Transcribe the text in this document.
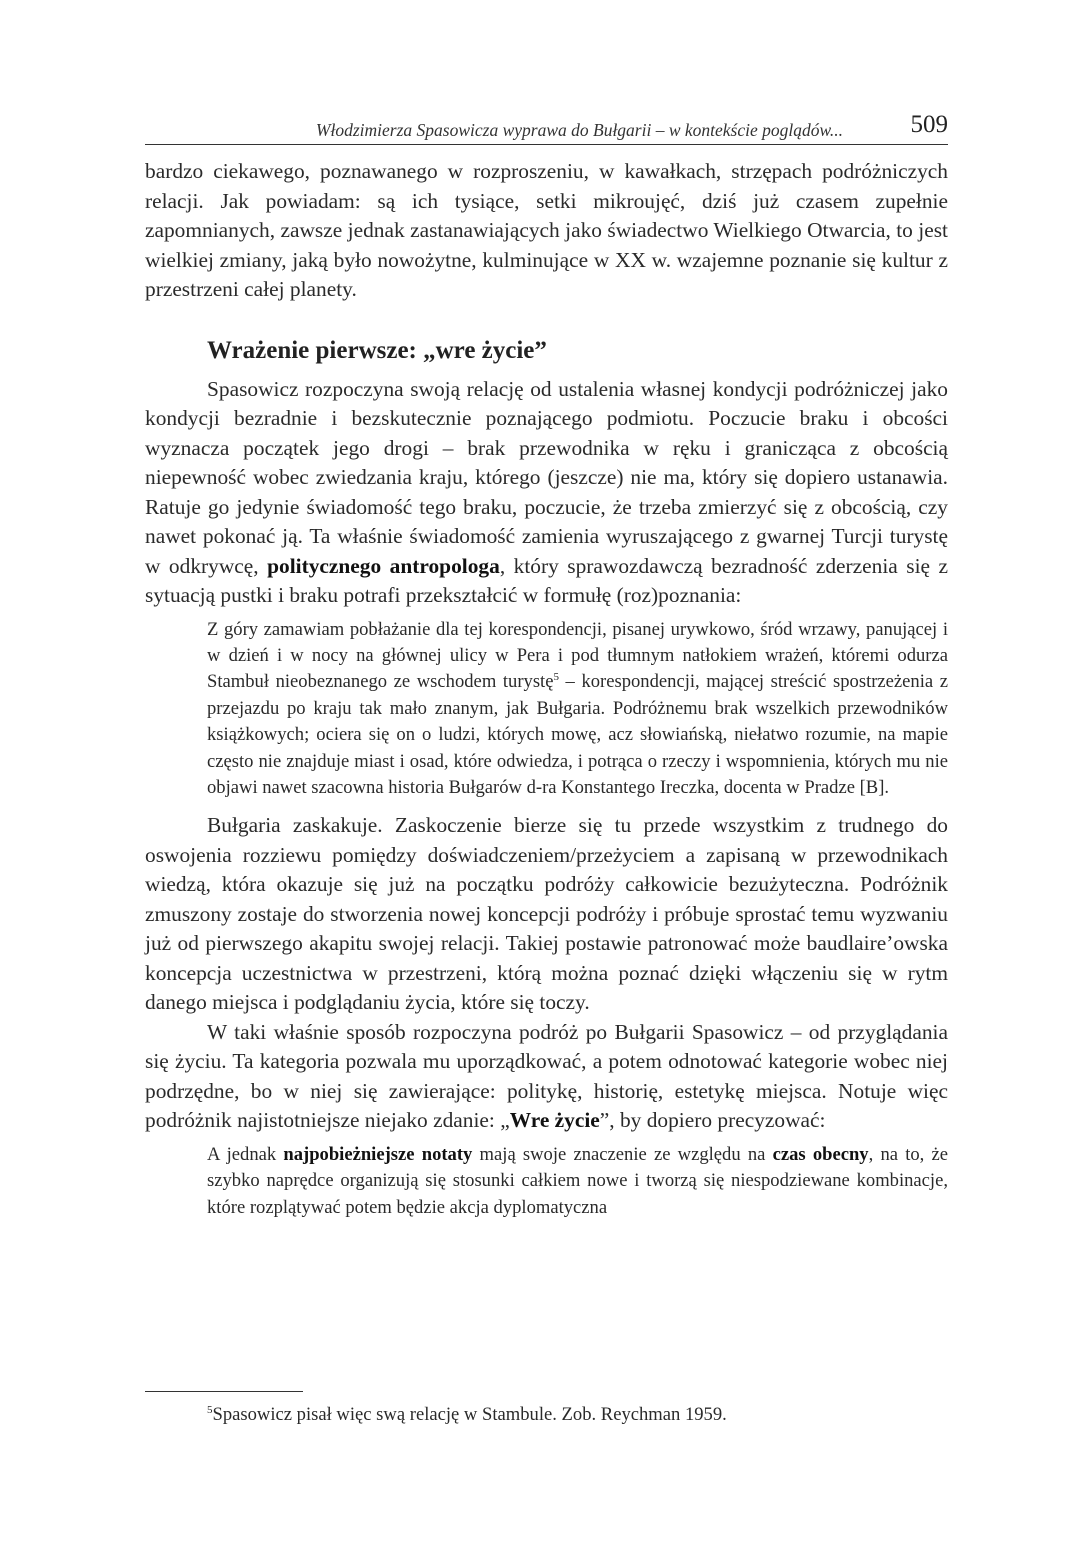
Włodzimierza Spasowicza wyprawa do Bułgarii – w kontekście poglądów...	509

bardzo ciekawego, poznawanego w rozproszeniu, w kawałkach, strzępach podróżniczych relacji. Jak powiadam: są ich tysiące, setki mikroujęć, dziś już czasem zupełnie zapomnianych, zawsze jednak zastanawiających jako świadectwo Wielkiego Otwarcia, to jest wielkiej zmiany, jaką było nowożytne, kulminujące w XX w. wzajemne poznanie się kultur z przestrzeni całej planety.

Wrażenie pierwsze: „wre życie”

Spasowicz rozpoczyna swoją relację od ustalenia własnej kondycji podróżniczej jako kondycji bezradnie i bezskutecznie poznającego podmiotu. Poczucie braku i obcości wyznacza początek jego drogi – brak przewodnika w ręku i granicząca z obcością niepewność wobec zwiedzania kraju, którego (jeszcze) nie ma, który się dopiero ustanawia. Ratuje go jedynie świadomość tego braku, poczucie, że trzeba zmierzyć się z obcością, czy nawet pokonać ją. Ta właśnie świadomość zamienia wyruszającego z gwarnej Turcji turystę w odkrywcę, politycznego antropologa, który sprawozdawczą bezradność zderzenia się z sytuacją pustki i braku potrafi przekształcić w formułę (roz)poznania:

Z góry zamawiam pobłażanie dla tej korespondencji, pisanej urywkowo, śród wrzawy, panującej i w dzień i w nocy na głównej ulicy w Pera i pod tłumnym natłokiem wrażeń, któremi odurza Stambuł nieobeznanego ze wschodem turystę$^5$ – korespondencji, mającej streścić spostrzeżenia z przejazdu po kraju tak mało znanym, jak Bułgaria. Podróżnemu brak wszelkich przewodników książkowych; ociera się on o ludzi, których mowę, acz słowiańską, niełatwo rozumie, na mapie często nie znajduje miast i osad, które odwiedza, i potrąca o rzeczy i wspomnienia, których mu nie objawi nawet szacowna historia Bułgarów d-ra Konstantego Ireczka, docenta w Pradze [B].

Bułgaria zaskakuje. Zaskoczenie bierze się tu przede wszystkim z trudnego do oswojenia rozziewu pomiędzy doświadczeniem/przeżyciem a zapisaną w przewodnikach wiedzą, która okazuje się już na początku podróży całkowicie bezużyteczna. Podróżnik zmuszony zostaje do stworzenia nowej koncepcji podróży i próbuje sprostać temu wyzwaniu już od pierwszego akapitu swojej relacji. Takiej postawie patronować może baudlaire’owska koncepcja uczestnictwa w przestrzeni, którą można poznać dzięki włączeniu się w rytm danego miejsca i podglądaniu życia, które się toczy.

W taki właśnie sposób rozpoczyna podróż po Bułgarii Spasowicz – od przyglądania się życiu. Ta kategoria pozwala mu uporządkować, a potem odnotować kategorie wobec niej podrzędne, bo w niej się zawierające: politykę, historię, estetykę miejsca. Notuje więc podróżnik najistotniejsze niejako zdanie: „Wre życie”, by dopiero precyzować:

A jednak najpobieżniejsze notaty mają swoje znaczenie ze względu na czas obecny, na to, że szybko naprędce organizują się stosunki całkiem nowe i tworzą się niespodziewane kombinacje, które rozplątywać potem będzie akcja dyplomatyczna

$^5$Spasowicz pisał więc swą relację w Stambule. Zob. Reychman 1959.
